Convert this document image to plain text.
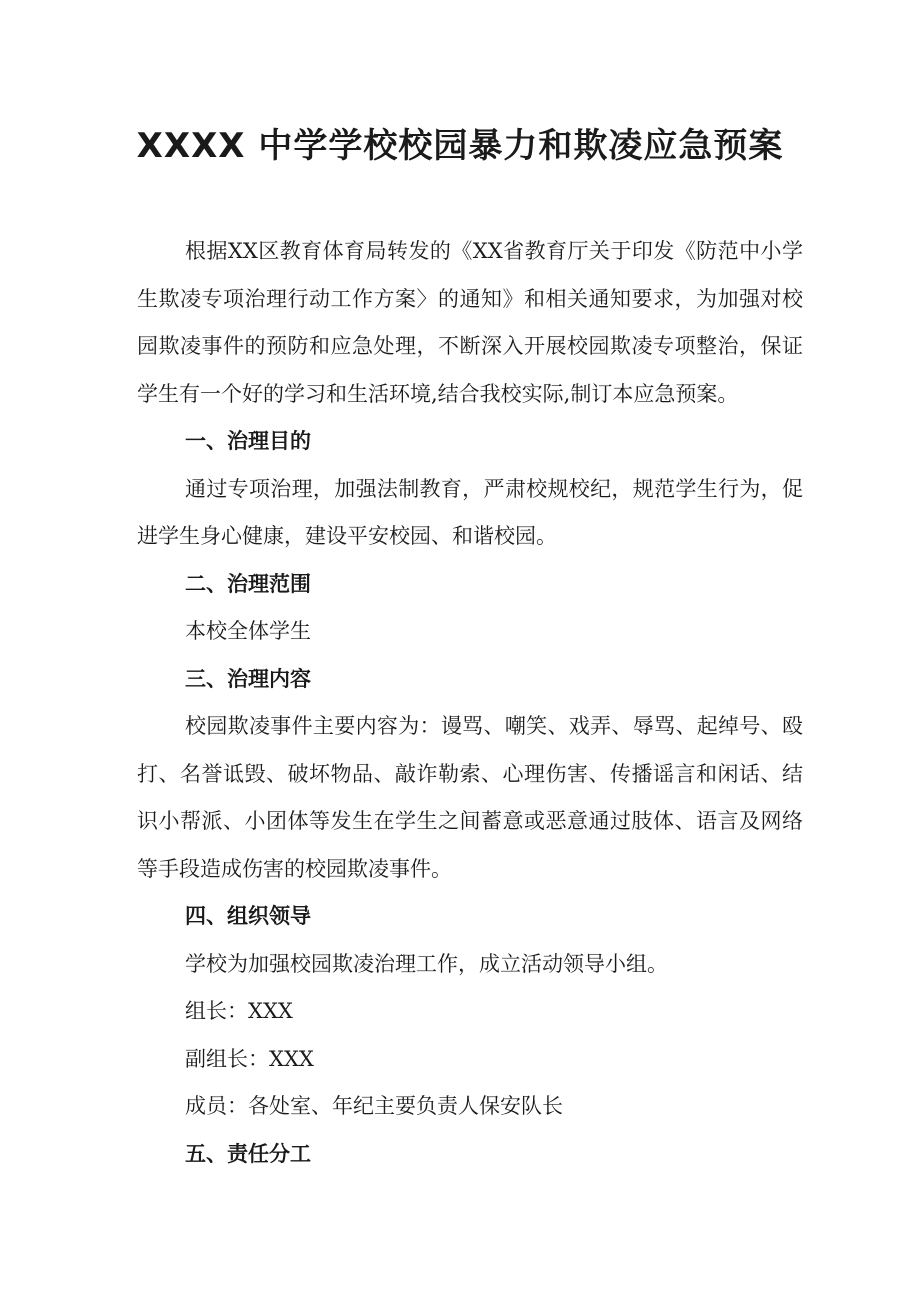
XXXX 中学学校校园暴力和欺凌应急预案

根据XX区教育体育局转发的《XX省教育厅关于印发《防范中小学生欺凌专项治理行动工作方案〉的通知》和相关通知要求，为加强对校园欺凌事件的预防和应急处理，不断深入开展校园欺凌专项整治，保证学生有一个好的学习和生活环境,结合我校实际,制订本应急预案。

一、治理目的

通过专项治理，加强法制教育，严肃校规校纪，规范学生行为，促进学生身心健康，建设平安校园、和谐校园。

二、治理范围

本校全体学生

三、治理内容

校园欺凌事件主要内容为：谩骂、嘲笑、戏弄、辱骂、起绰号、殴打、名誉诋毁、破坏物品、敲诈勒索、心理伤害、传播谣言和闲话、结识小帮派、小团体等发生在学生之间蓄意或恶意通过肢体、语言及网络等手段造成伤害的校园欺凌事件。

四、组织领导

学校为加强校园欺凌治理工作，成立活动领导小组。

组长：XXX

副组长：XXX

成员：各处室、年纪主要负责人保安队长

五、责任分工
